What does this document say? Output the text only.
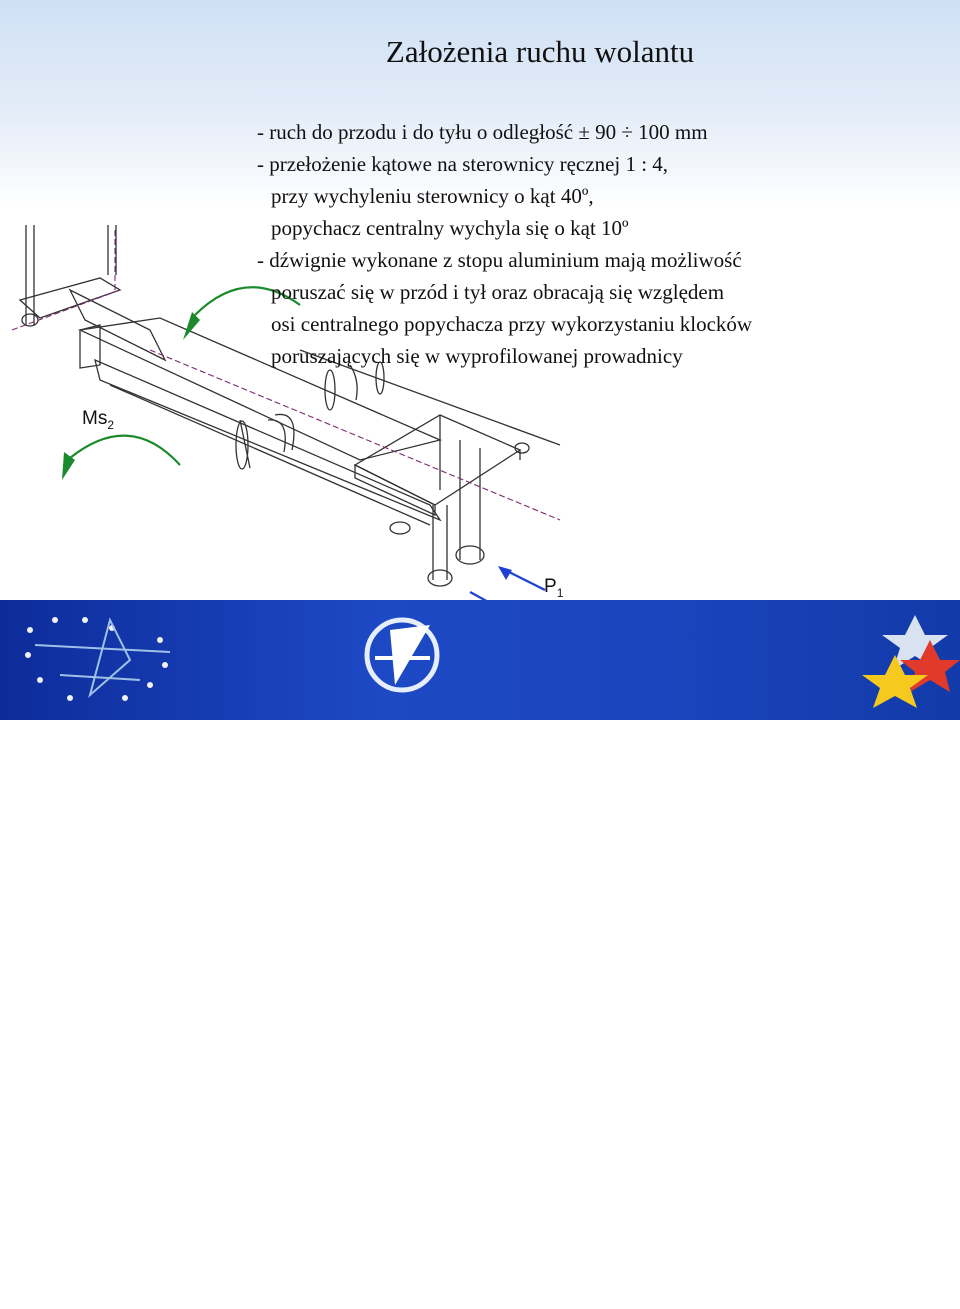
Założenia ruchu wolantu
- ruch do przodu i do tyłu o odległość ± 90 ÷ 100 mm
- przełożenie kątowe na sterownicy ręcznej 1 : 4,
przy wychyleniu sterownicy o kąt 40º,
popychacz centralny wychyla się o kąt 10º
- dźwignie wykonane z stopu aluminium mają możliwość
poruszać się w przód i tył oraz obracają się względem
osi centralnego popychacza przy wykorzystaniu klocków
poruszających się w wyprofilowanej prowadnicy
$Ms_2$
$P_1$
INSTYTUT
LOTNICTWA
